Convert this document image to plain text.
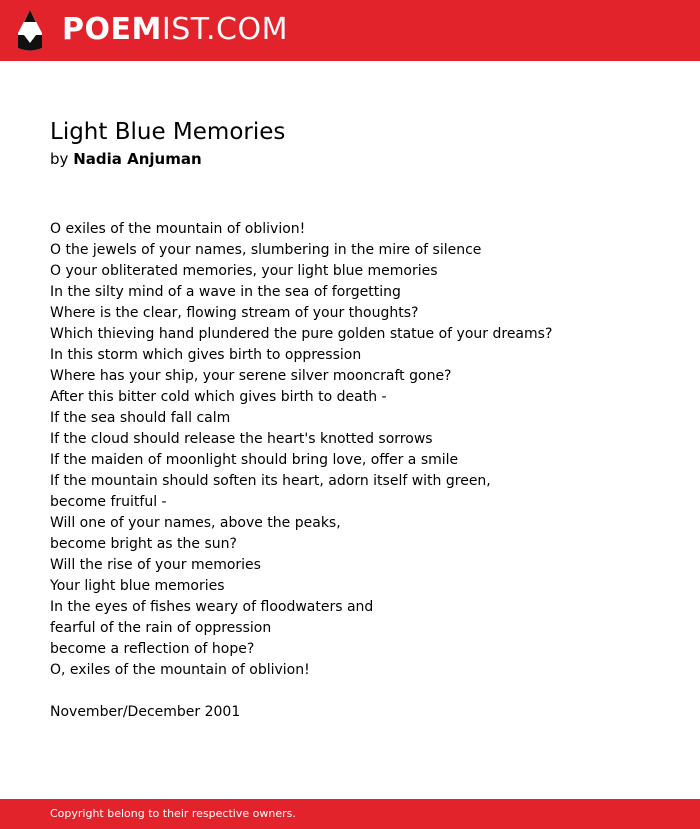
POEMIST.COM
Light Blue Memories
by Nadia Anjuman
O exiles of the mountain of oblivion!
O the jewels of your names, slumbering in the mire of silence
O your obliterated memories, your light blue memories
In the silty mind of a wave in the sea of forgetting
Where is the clear, flowing stream of your thoughts?
Which thieving hand plundered the pure golden statue of your dreams?
In this storm which gives birth to oppression
Where has your ship, your serene silver mooncraft gone?
After this bitter cold which gives birth to death -
If the sea should fall calm
If the cloud should release the heart's knotted sorrows
If the maiden of moonlight should bring love, offer a smile
If the mountain should soften its heart, adorn itself with green,
become fruitful -
Will one of your names, above the peaks,
become bright as the sun?
Will the rise of your memories
Your light blue memories
In the eyes of fishes weary of floodwaters and
fearful of the rain of oppression
become a reflection of hope?
O, exiles of the mountain of oblivion!
November/December 2001
Copyright belong to their respective owners.
